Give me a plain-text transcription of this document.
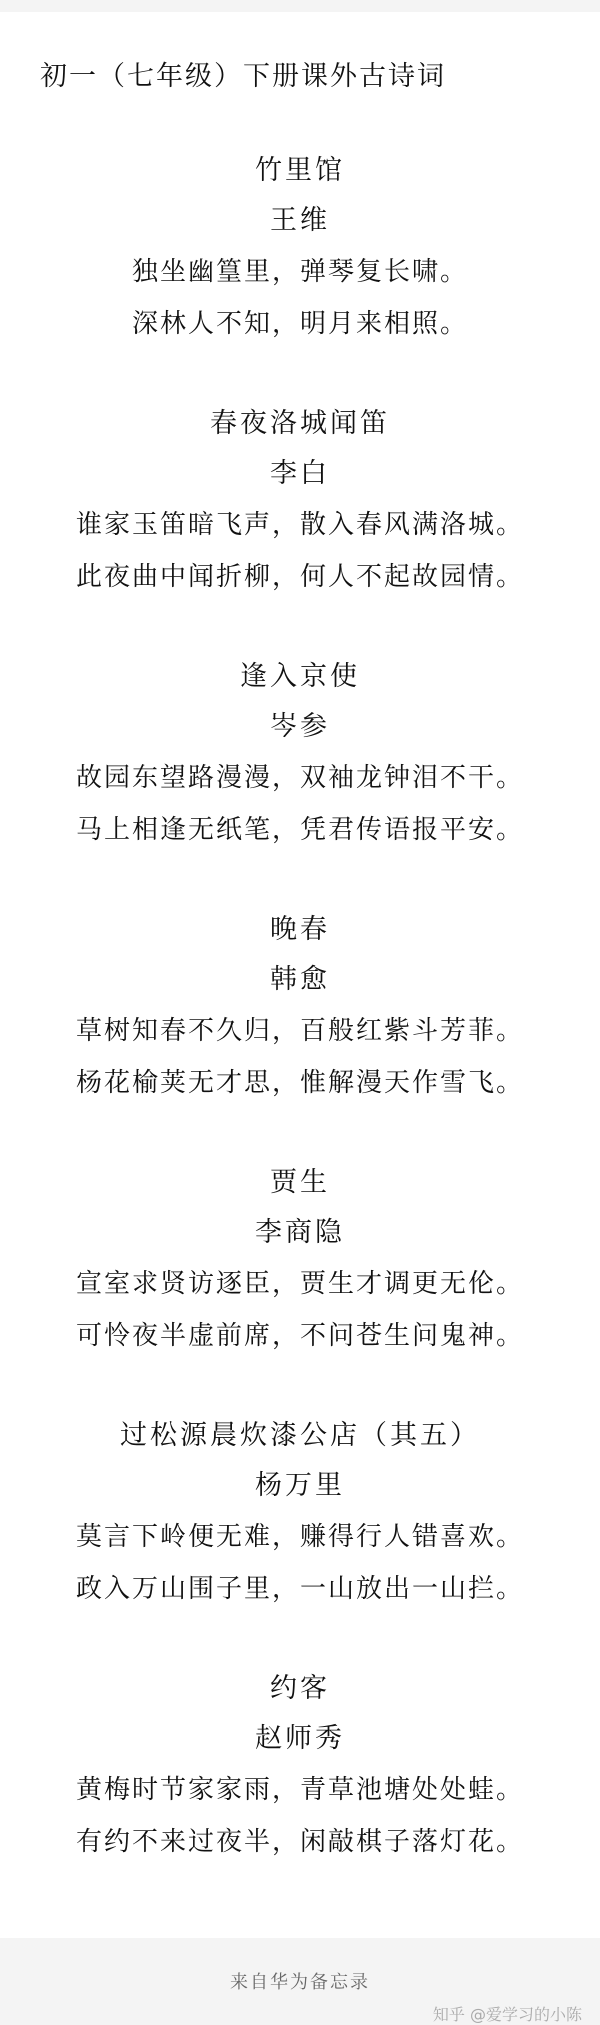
初一（七年级）下册课外古诗词
竹里馆
王维
独坐幽篁里，弹琴复长啸。
深林人不知，明月来相照。
春夜洛城闻笛
李白
谁家玉笛暗飞声，散入春风满洛城。
此夜曲中闻折柳，何人不起故园情。
逢入京使
岑参
故园东望路漫漫，双袖龙钟泪不干。
马上相逢无纸笔，凭君传语报平安。
晚春
韩愈
草树知春不久归，百般红紫斗芳菲。
杨花榆荚无才思，惟解漫天作雪飞。
贾生
李商隐
宣室求贤访逐臣，贾生才调更无伦。
可怜夜半虚前席，不问苍生问鬼神。
过松源晨炊漆公店（其五）
杨万里
莫言下岭便无难，赚得行人错喜欢。
政入万山围子里，一山放出一山拦。
约客
赵师秀
黄梅时节家家雨，青草池塘处处蛙。
有约不来过夜半，闲敲棋子落灯花。
来自华为备忘录
知乎 @爱学习的小陈
